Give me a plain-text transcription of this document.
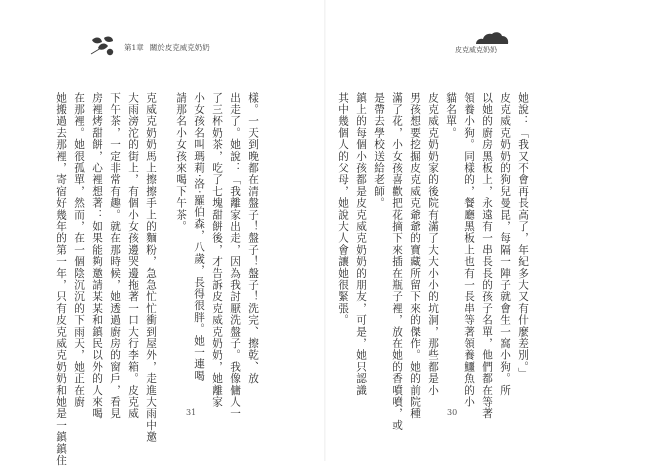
第1章 關於皮克威克奶奶
樣。一天到晚都在清盤子！盤子！盤子！洗完、擦乾、放
出走了。她說：「我離家出走，因為我討厭洗盤子。我像傭人一
了三杯奶茶，吃了七塊甜餅後，才告訴皮克威克奶奶，她離家
小女孩名叫瑪莉‧洛‧羅伯森，八歲，長得很胖。她一連喝
請那名小女孩來喝下午茶。
克威克奶奶馬上擦擦手上的麵粉，急急忙忙衝到屋外，走進大雨中邀
大雨滂沱的街上，有個小女孩邊哭邊拖著一口大行李箱。皮克威
下午茶，一定非常有趣。就在那時候，她透過廚房的窗戶，看見
房裡烤甜餅，心裡想著：如果能夠邀請某某和鎮民以外的人來喝
在那裡。她很孤單，然而，在一個陰沉沉的下雨天，她正在廚
她搬過去那裡，寄宿好幾年的第一年，只有皮克威克奶奶和她是一鎮鎮住	31
皮克威克奶奶
她說：「我又不會再長高了，年紀多大又有什麼差別。」
皮克威克奶奶的狗兒曼昆，每隔一陣子就會生一窩小狗。所
以她的廚房黑板上，永遠有一串長長的孩子名單，他們都在等著
領養小狗。同樣的，餐廳黑板上也有一長串等著領養鱷魚的小
貓名單。
皮克威克奶奶家的後院有滿了大大小小的坑洞，那些都是小
男孩想要挖掘皮克威克爺爺的寶藏所留下來的傑作。她的前院種
滿了花，小女孩喜歡把花摘下來插在瓶子裡，放在她的香噴噴，或
是帶去學校送給老師。
鎮上的每個小孩都是皮克威克奶奶的朋友，可是，她只認識
其中幾個人的父母，她說大人會讓她很緊張。
30
